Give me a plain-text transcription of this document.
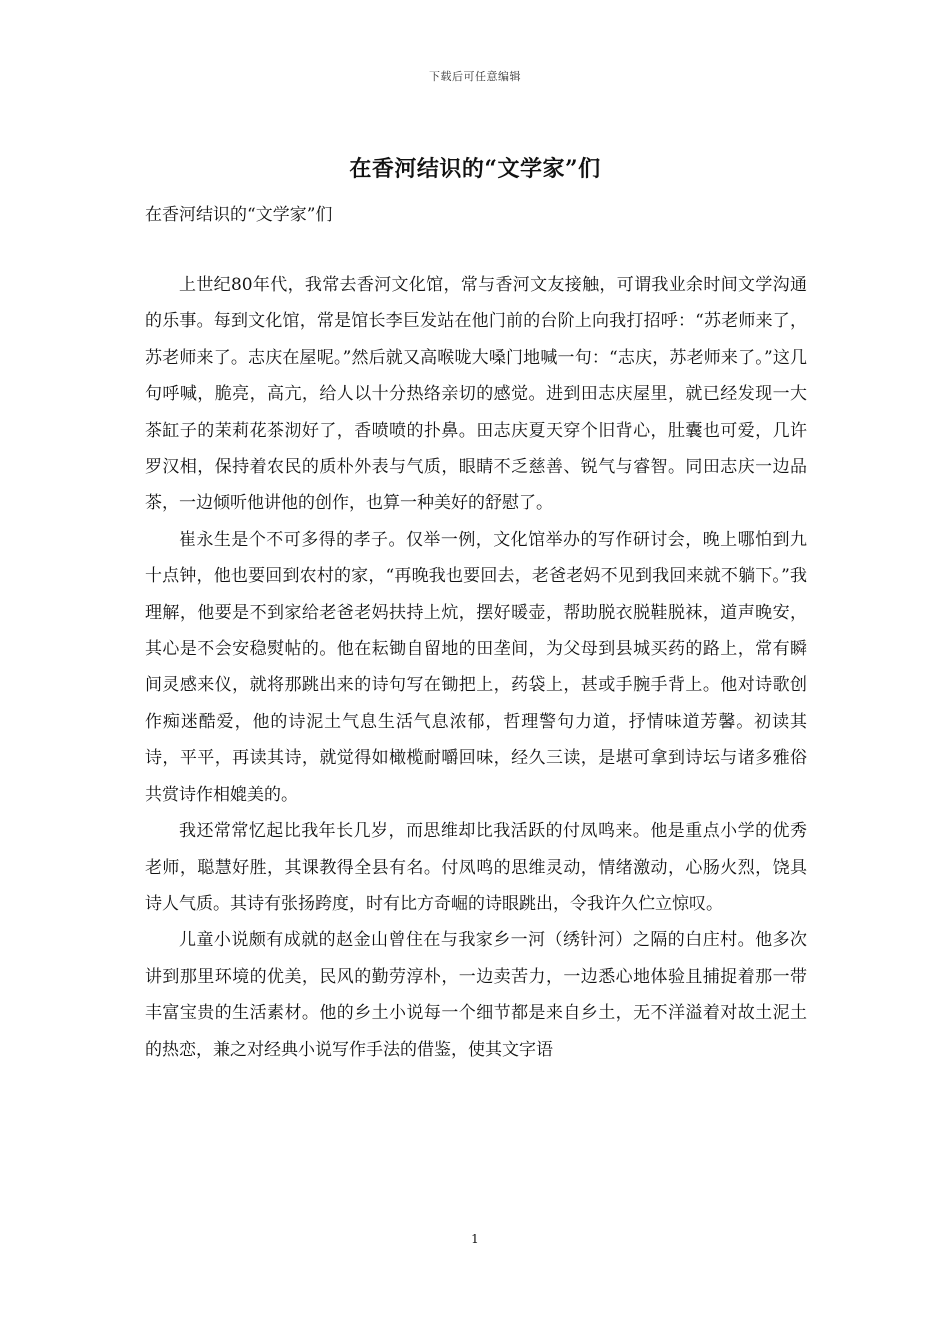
下载后可任意编辑
在香河结识的“文学家”们
在香河结识的“文学家”们

上世纪80年代，我常去香河文化馆，常与香河文友接触，可谓我业余时间文学沟通的乐事。每到文化馆，常是馆长李巨发站在他门前的台阶上向我打招呼：“苏老师来了，苏老师来了。志庆在屋呢。”然后就又高喉咙大嗓门地喊一句：“志庆，苏老师来了。”这几句呼喊，脆亮，高亢，给人以十分热络亲切的感觉。进到田志庆屋里，就已经发现一大茶缸子的茉莉花茶沏好了，香喷喷的扑鼻。田志庆夏天穿个旧背心，肚囊也可爱，几许罗汉相，保持着农民的质朴外表与气质，眼睛不乏慈善、锐气与睿智。同田志庆一边品茶，一边倾听他讲他的创作，也算一种美好的舒慰了。

崔永生是个不可多得的孝子。仅举一例，文化馆举办的写作研讨会，晚上哪怕到九十点钟，他也要回到农村的家，“再晚我也要回去，老爸老妈不见到我回来就不躺下。”我理解，他要是不到家给老爸老妈扶持上炕，摆好暖壶，帮助脱衣脱鞋脱袜，道声晚安，其心是不会安稳熨帖的。他在耘锄自留地的田垄间，为父母到县城买药的路上，常有瞬间灵感来仪，就将那跳出来的诗句写在锄把上，药袋上，甚或手腕手背上。他对诗歌创作痴迷酷爱，他的诗泥土气息生活气息浓郁，哲理警句力道，抒情味道芳馨。初读其诗，平平，再读其诗，就觉得如橄榄耐嚼回味，经久三读，是堪可拿到诗坛与诸多雅俗共赏诗作相媲美的。

我还常常忆起比我年长几岁，而思维却比我活跃的付凤鸣来。他是重点小学的优秀老师，聪慧好胜，其课教得全县有名。付凤鸣的思维灵动，情绪激动，心肠火烈，饶具诗人气质。其诗有张扬跨度，时有比方奇崛的诗眼跳出，令我许久伫立惊叹。

儿童小说颇有成就的赵金山曾住在与我家乡一河（绣针河）之隔的白庄村。他多次讲到那里环境的优美，民风的勤劳淳朴，一边卖苦力，一边悉心地体验且捕捉着那一带丰富宝贵的生活素材。他的乡土小说每一个细节都是来自乡土，无不洋溢着对故土泥土的热恋，兼之对经典小说写作手法的借鉴，使其文字语

1
